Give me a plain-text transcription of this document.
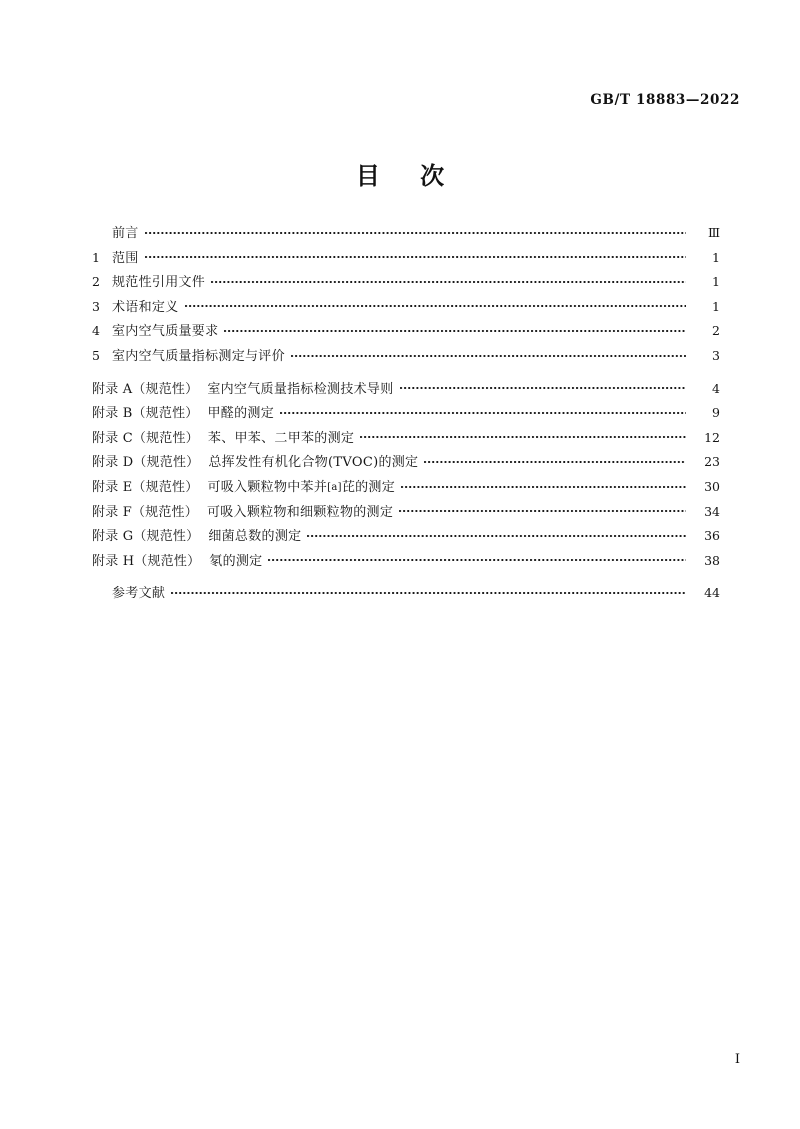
GB/T 18883—2022
目 次
前言	Ⅲ
1 范围	1
2 规范性引用文件	1
3 术语和定义	1
4 室内空气质量要求	2
5 室内空气质量指标测定与评价	3
附录 A（规范性） 室内空气质量指标检测技术导则	4
附录 B（规范性） 甲醛的测定	9
附录 C（规范性） 苯、甲苯、二甲苯的测定	12
附录 D（规范性） 总挥发性有机化合物(TVOC)的测定	23
附录 E（规范性） 可吸入颗粒物中苯并[a]芘的测定	30
附录 F（规范性） 可吸入颗粒物和细颗粒物的测定	34
附录 G（规范性） 细菌总数的测定	36
附录 H（规范性） 氡的测定	38
参考文献	44
Ⅰ
